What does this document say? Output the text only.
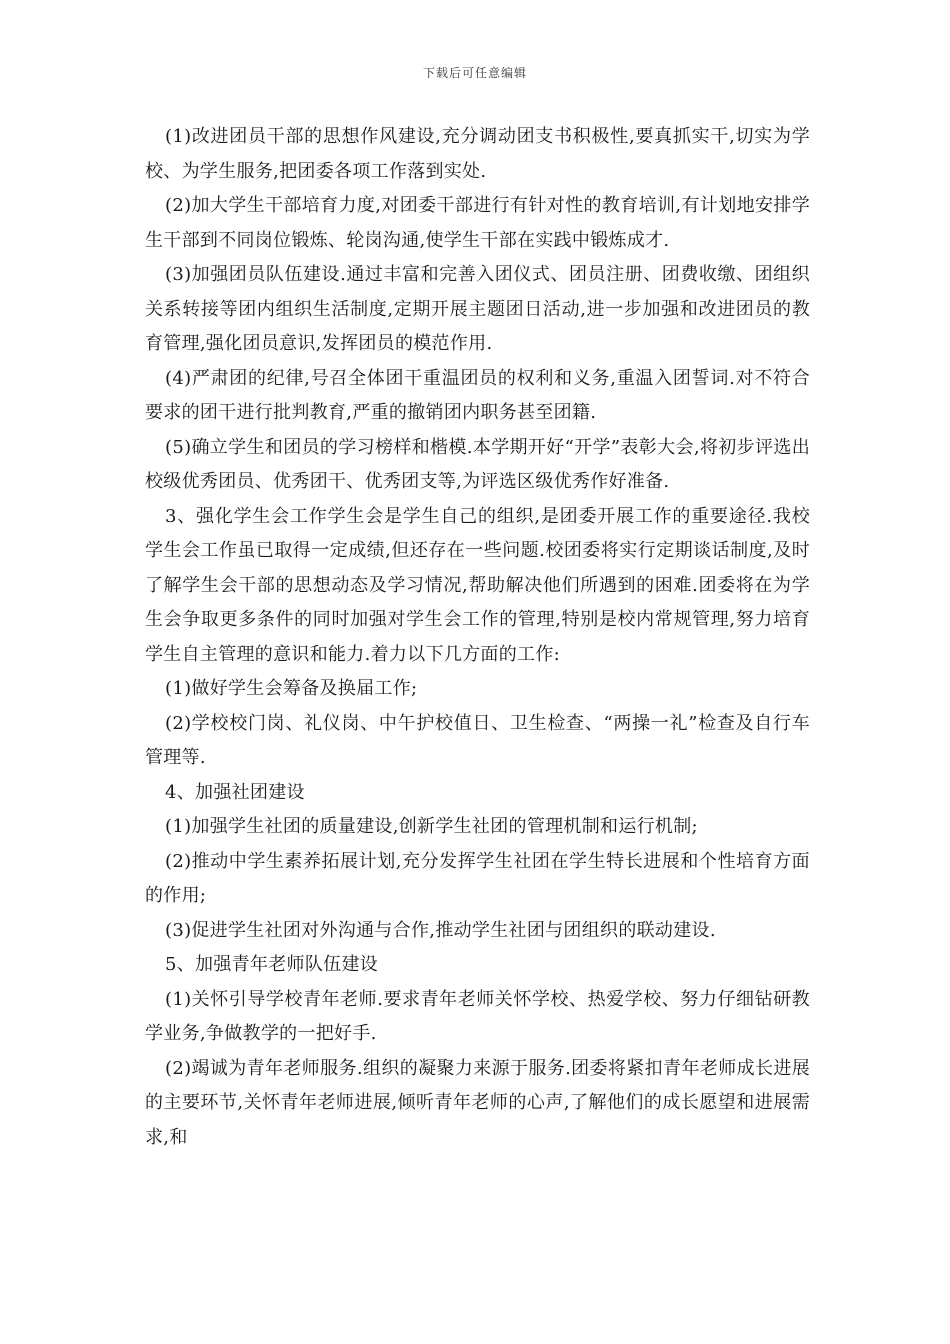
下载后可任意编辑

(1)改进团员干部的思想作风建设,充分调动团支书积极性,要真抓实干,切实为学校、为学生服务,把团委各项工作落到实处.

(2)加大学生干部培育力度,对团委干部进行有针对性的教育培训,有计划地安排学生干部到不同岗位锻炼、轮岗沟通,使学生干部在实践中锻炼成才.

(3)加强团员队伍建设.通过丰富和完善入团仪式、团员注册、团费收缴、团组织关系转接等团内组织生活制度,定期开展主题团日活动,进一步加强和改进团员的教育管理,强化团员意识,发挥团员的模范作用.

(4)严肃团的纪律,号召全体团干重温团员的权利和义务,重温入团誓词.对不符合要求的团干进行批判教育,严重的撤销团内职务甚至团籍.

(5)确立学生和团员的学习榜样和楷模.本学期开好“开学”表彰大会,将初步评选出校级优秀团员、优秀团干、优秀团支等,为评选区级优秀作好准备.

3、强化学生会工作学生会是学生自己的组织,是团委开展工作的重要途径.我校学生会工作虽已取得一定成绩,但还存在一些问题.校团委将实行定期谈话制度,及时了解学生会干部的思想动态及学习情况,帮助解决他们所遇到的困难.团委将在为学生会争取更多条件的同时加强对学生会工作的管理,特别是校内常规管理,努力培育学生自主管理的意识和能力.着力以下几方面的工作:

(1)做好学生会筹备及换届工作;

(2)学校校门岗、礼仪岗、中午护校值日、卫生检查、“两操一礼”检查及自行车管理等.

4、加强社团建设

(1)加强学生社团的质量建设,创新学生社团的管理机制和运行机制;

(2)推动中学生素养拓展计划,充分发挥学生社团在学生特长进展和个性培育方面的作用;

(3)促进学生社团对外沟通与合作,推动学生社团与团组织的联动建设.

5、加强青年老师队伍建设

(1)关怀引导学校青年老师.要求青年老师关怀学校、热爱学校、努力仔细钻研教学业务,争做教学的一把好手.

(2)竭诚为青年老师服务.组织的凝聚力来源于服务.团委将紧扣青年老师成长进展的主要环节,关怀青年老师进展,倾听青年老师的心声,了解他们的成长愿望和进展需求,和
